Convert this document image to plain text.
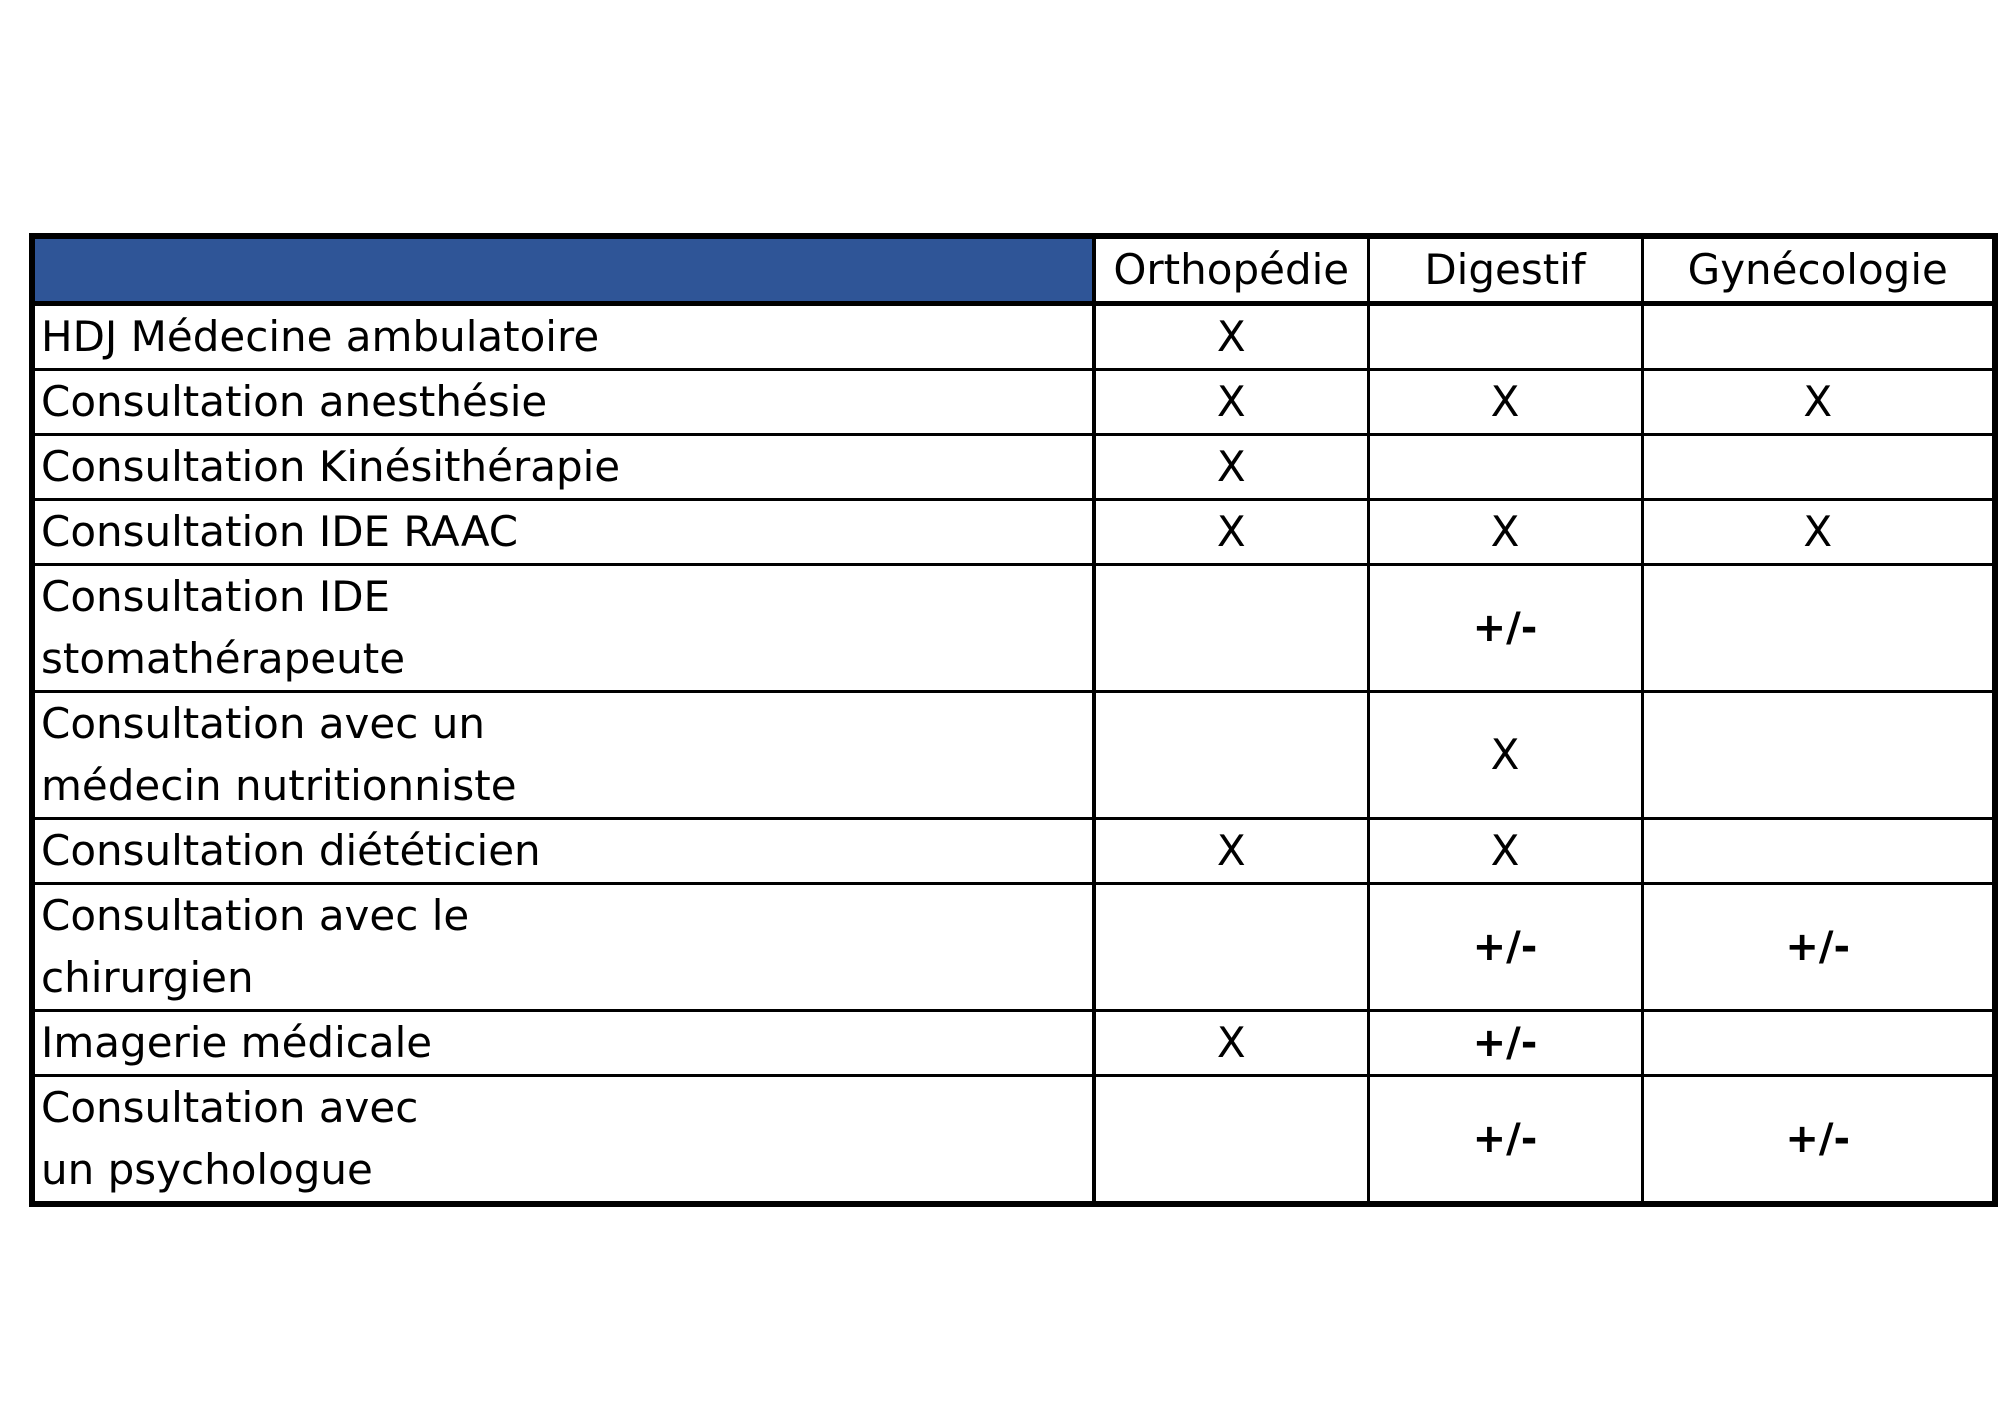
	Orthopédie	Digestif	Gynécologie

HDJ Médecine ambulatoire	X		

Consultation anesthésie	X	X	X

Consultation Kinésithérapie	X		

Consultation IDE RAAC	X	X	X

Consultation IDE
stomathérapeute		+/-	

Consultation avec un
médecin nutritionniste		X	

Consultation diététicien	X	X	

Consultation avec le
chirurgien		+/-	+/-

Imagerie médicale	X	+/-	

Consultation avec
un psychologue		+/-	+/-
